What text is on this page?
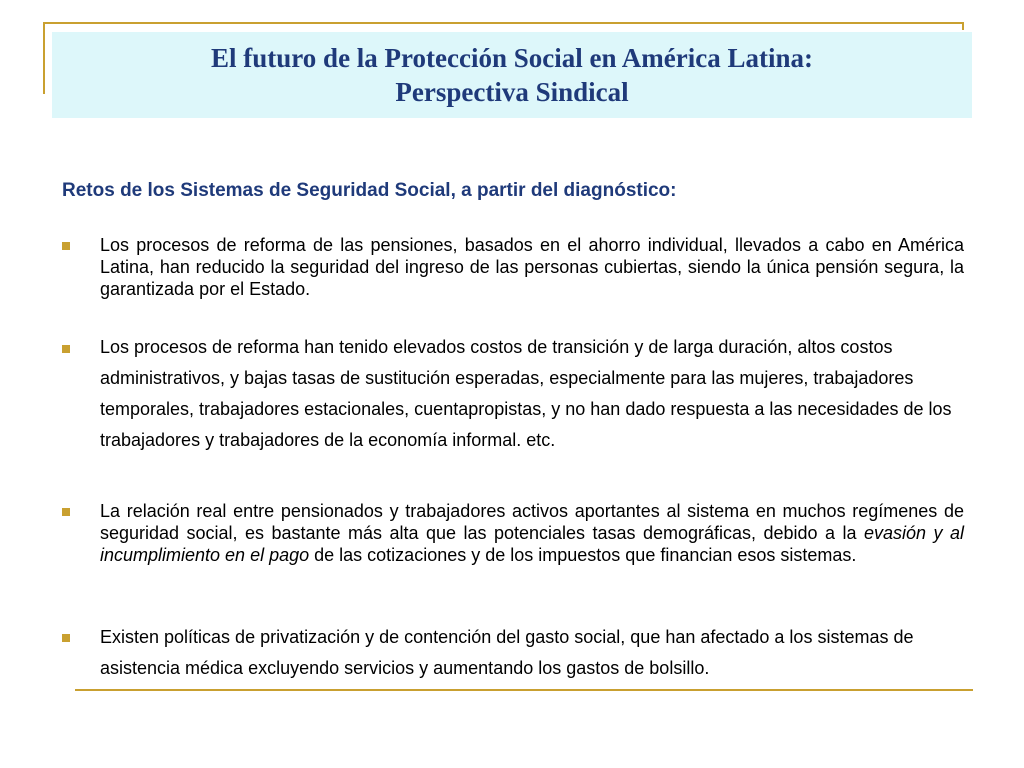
El futuro de la Protección Social en América Latina:
Perspectiva Sindical
Retos de los Sistemas de Seguridad Social, a partir del diagnóstico:
Los procesos de reforma de las pensiones, basados en el ahorro individual, llevados a cabo en América Latina, han reducido la seguridad del ingreso de las personas cubiertas, siendo la única pensión segura, la garantizada por el Estado.
Los procesos de reforma han tenido elevados costos de transición y de larga duración, altos costos administrativos, y bajas tasas de sustitución esperadas, especialmente para las mujeres, trabajadores temporales, trabajadores estacionales, cuentapropistas, y no han dado respuesta a las necesidades de los trabajadores y trabajadores de la economía informal. etc.
La relación real entre pensionados y trabajadores activos aportantes al sistema en muchos regímenes de seguridad social, es bastante más alta que las potenciales tasas demográficas, debido a la evasión y al incumplimiento en el pago de las cotizaciones y de los impuestos que financian esos sistemas.
Existen políticas de privatización y de contención del gasto social, que han afectado a los sistemas de asistencia médica excluyendo servicios y aumentando los gastos de bolsillo.
